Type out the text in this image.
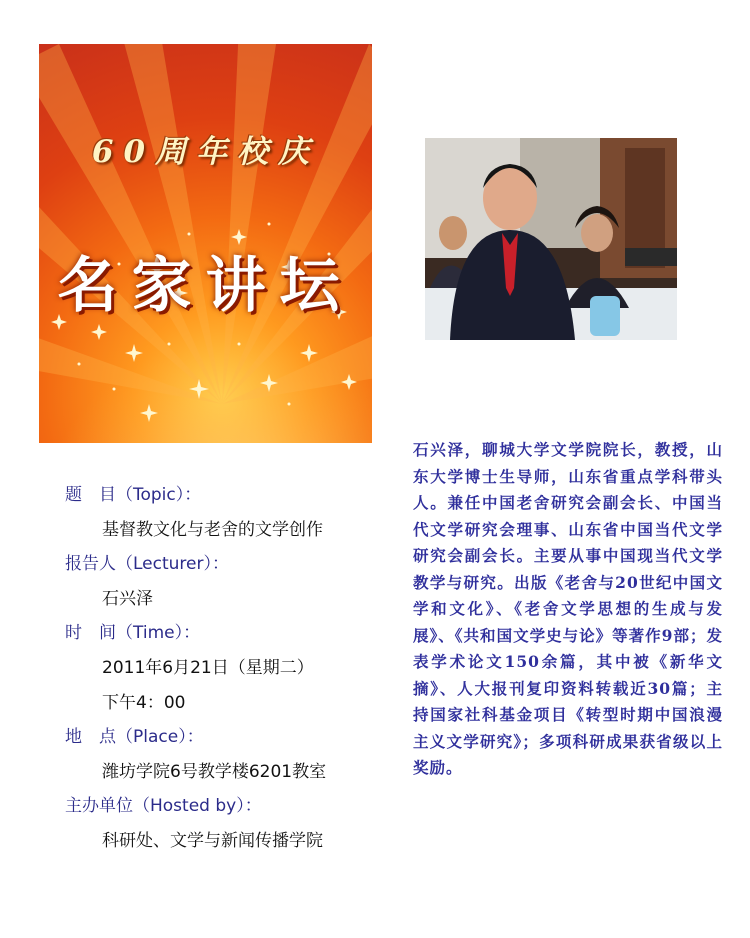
60周年校庆
名家讲坛
题　目（Topic）：
基督教文化与老舍的文学创作
报告人（Lecturer）：
石兴泽
时　间（Time）：
2011年6月21日（星期二）
下午4：00
地　点（Place）：
潍坊学院6号教学楼6201教室
主办单位（Hosted by）：
科研处、文学与新闻传播学院
石兴泽，聊城大学文学院院长，教授，山东大学博士生导师，山东省重点学科带头人。兼任中国老舍研究会副会长、中国当代文学研究会理事、山东省中国当代文学研究会副会长。主要从事中国现当代文学教学与研究。出版《老舍与20世纪中国文学和文化》、《老舍文学思想的生成与发展》、《共和国文学史与论》等著作9部；发表学术论文150余篇，其中被《新华文摘》、人大报刊复印资料转载近30篇；主持国家社科基金项目《转型时期中国浪漫主义文学研究》；多项科研成果获省级以上奖励。
